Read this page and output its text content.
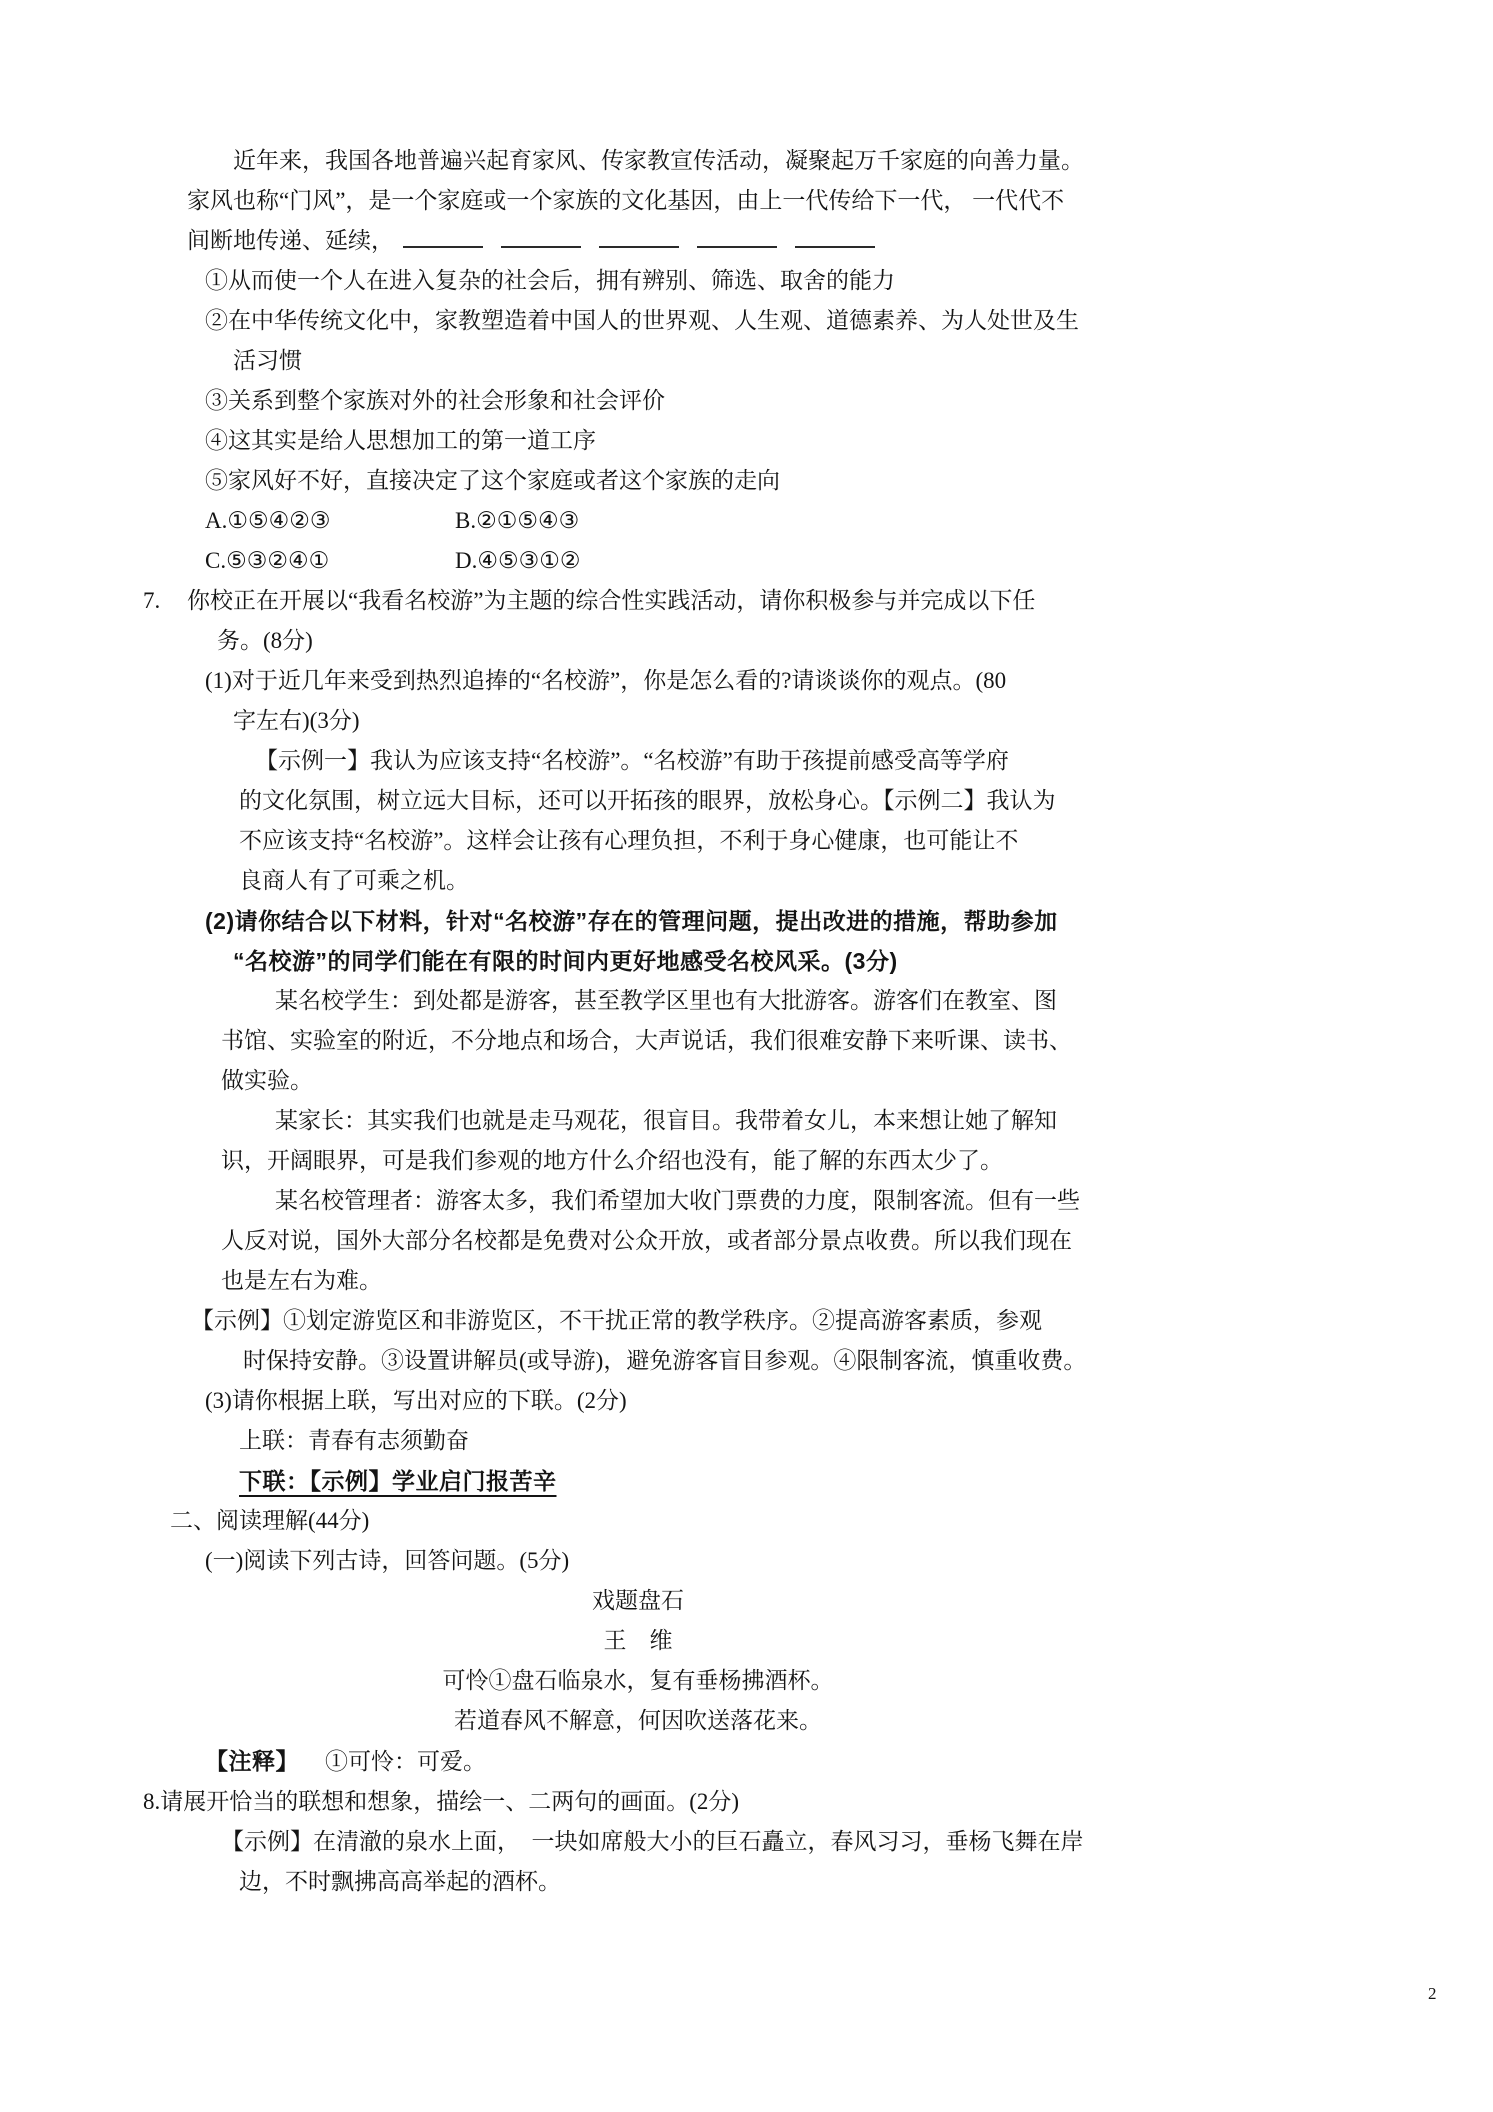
近年来，我国各地普遍兴起育家风、传家教宣传活动，凝聚起万千家庭的向善力量。
家风也称“门风”，是一个家庭或一个家族的文化基因，由上一代传给下一代， 一代代不
间断地传递、延续，
①从而使一个人在进入复杂的社会后，拥有辨别、筛选、取舍的能力
②在中华传统文化中，家教塑造着中国人的世界观、人生观、道德素养、为人处世及生
活习惯
③关系到整个家族对外的社会形象和社会评价
④这其实是给人思想加工的第一道工序
⑤家风好不好，直接决定了这个家庭或者这个家族的走向
A.①⑤④②③	B.②①⑤④③
C.⑤③②④①	D.④⑤③①②
7. 你校正在开展以“我看名校游”为主题的综合性实践活动，请你积极参与并完成以下任
务。(8分)
(1)对于近几年来受到热烈追捧的“名校游”，你是怎么看的?请谈谈你的观点。(80
字左右)(3分)
【示例一】我认为应该支持“名校游”。“名校游”有助于孩提前感受高等学府
的文化氛围，树立远大目标，还可以开拓孩的眼界，放松身心。【示例二】我认为
不应该支持“名校游”。这样会让孩有心理负担，不利于身心健康，也可能让不
良商人有了可乘之机。
(2)请你结合以下材料，针对“名校游”存在的管理问题，提出改进的措施，帮助参加
“名校游”的同学们能在有限的时间内更好地感受名校风采。(3分)
某名校学生：到处都是游客，甚至教学区里也有大批游客。游客们在教室、图
书馆、实验室的附近，不分地点和场合，大声说话，我们很难安静下来听课、读书、
做实验。
某家长：其实我们也就是走马观花，很盲目。我带着女儿，本来想让她了解知
识，开阔眼界，可是我们参观的地方什么介绍也没有，能了解的东西太少了。
某名校管理者：游客太多，我们希望加大收门票费的力度，限制客流。但有一些
人反对说，国外大部分名校都是免费对公众开放，或者部分景点收费。所以我们现在
也是左右为难。
【示例】①划定游览区和非游览区，不干扰正常的教学秩序。②提高游客素质，参观
时保持安静。③设置讲解员(或导游)，避免游客盲目参观。④限制客流，慎重收费。
(3)请你根据上联，写出对应的下联。(2分)
上联：青春有志须勤奋
下联：【示例】学业启门报苦辛
二、阅读理解(44分)
(一)阅读下列古诗，回答问题。(5分)
戏题盘石
王　维
可怜①盘石临泉水，复有垂杨拂酒杯。
若道春风不解意，何因吹送落花来。
【注释】 ①可怜：可爱。
8.请展开恰当的联想和想象，描绘一、二两句的画面。(2分)
【示例】在清澈的泉水上面，　一块如席般大小的巨石矗立，春风习习，垂杨飞舞在岸
边，不时飘拂高高举起的酒杯。
2
